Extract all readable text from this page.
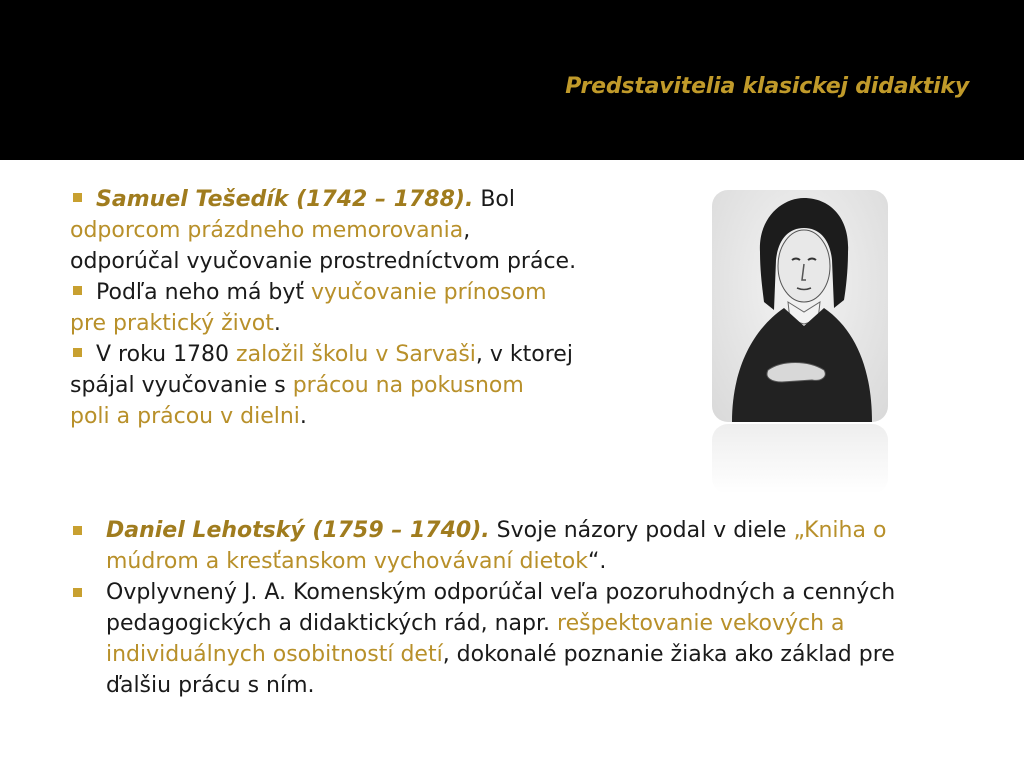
Predstavitelia klasickej didaktiky

Samuel Tešedík (1742 – 1788). Bol

odporcom prázdneho memorovania,

odporúčal vyučovanie prostredníctvom práce.

Podľa neho má byť vyučovanie prínosom

pre praktický život.

V roku 1780 založil školu v Sarvaši, v ktorej

spájal vyučovanie s prácou na pokusnom

poli a prácou v dielni.

Daniel Lehotský (1759 – 1740). Svoje názory podal v diele „Kniha o múdrom a kresťanskom vychovávaní dietok“.

Ovplyvnený J. A. Komenským odporúčal veľa pozoruhodných a cenných pedagogických a didaktických rád, napr. rešpektovanie vekových a individuálnych osobitností detí, dokonalé poznanie žiaka ako základ pre ďalšiu prácu s ním.
